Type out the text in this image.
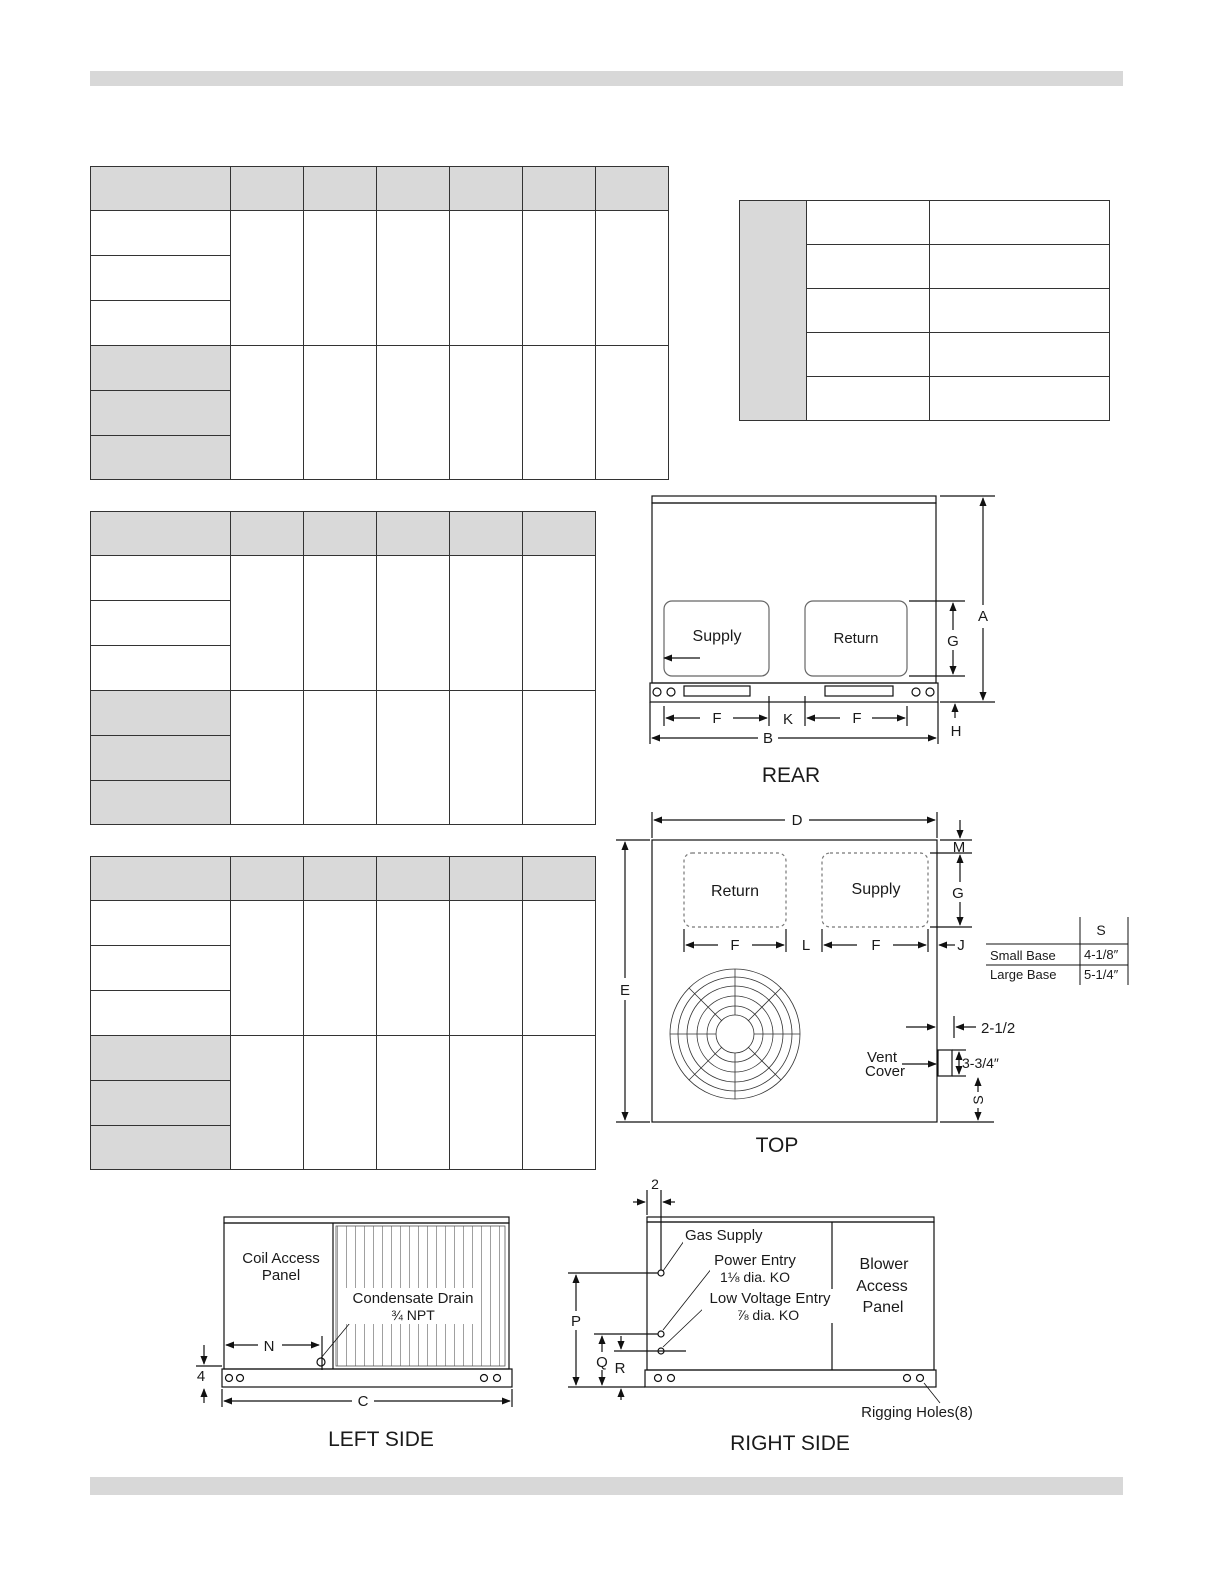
Supply	Return
A
G
H
F	K	F
B
REAR
Return	Supply
D
E
M
G
F	L	F	J
2-1/2
3-3/4″
S
Vent
Cover
TOP
S
Small Base 4-1/8″
Large Base 5-1/4″
Coil Access
Panel
Condensate Drain
¾ NPT
N
4
C
LEFT SIDE
2
Gas Supply
Power Entry
1⅛ dia. KO
Low Voltage Entry
⅞ dia. KO
Blower
Access
Panel
P
Q R
Rigging Holes(8)
RIGHT SIDE
